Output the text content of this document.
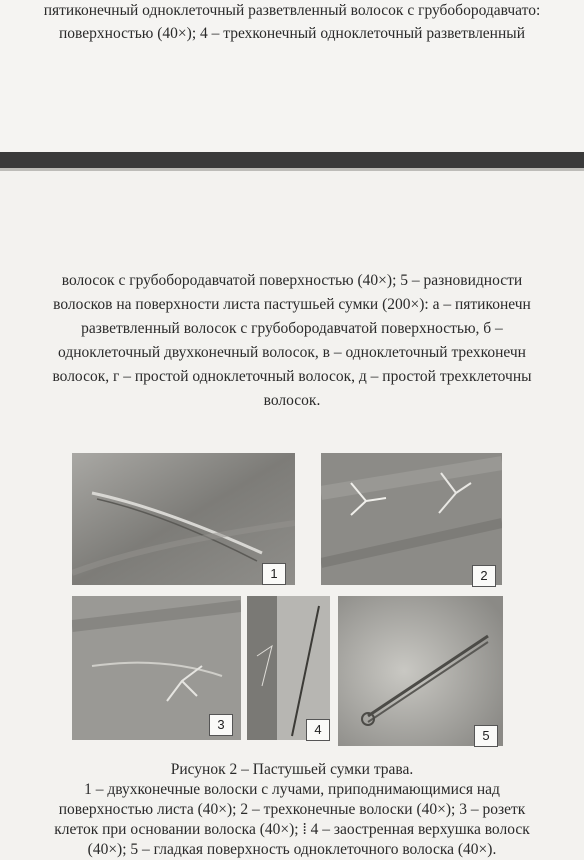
пятиконечный одноклеточный разветвленный волосок с грубобородавчато:
поверхностью (40×); 4 – трехконечный одноклеточный разветвленный
волосок с грубобородавчатой поверхностью (40×); 5 – разновидности
волосков на поверхности листа пастушьей сумки (200×): а – пятиконечн
разветвленный волосок с грубобородавчатой поверхностью, б –
одноклеточный двухконечный волосок, в – одноклеточный трехконечн
волосок, г – простой одноклеточный волосок, д – простой трехклеточны
волосок.
1	2
3	4	5
Рисунок 2 – Пастушьей сумки трава.
1 – двухконечные волоски с лучами, приподнимающимися над
поверхностью листа (40×); 2 – трехконечные волоски (40×); 3 – розетк
клеток при основании волоска (40×); ⁞ 4 – заостренная верхушка волоск
(40×); 5 – гладкая поверхность одноклеточного волоска (40×).
